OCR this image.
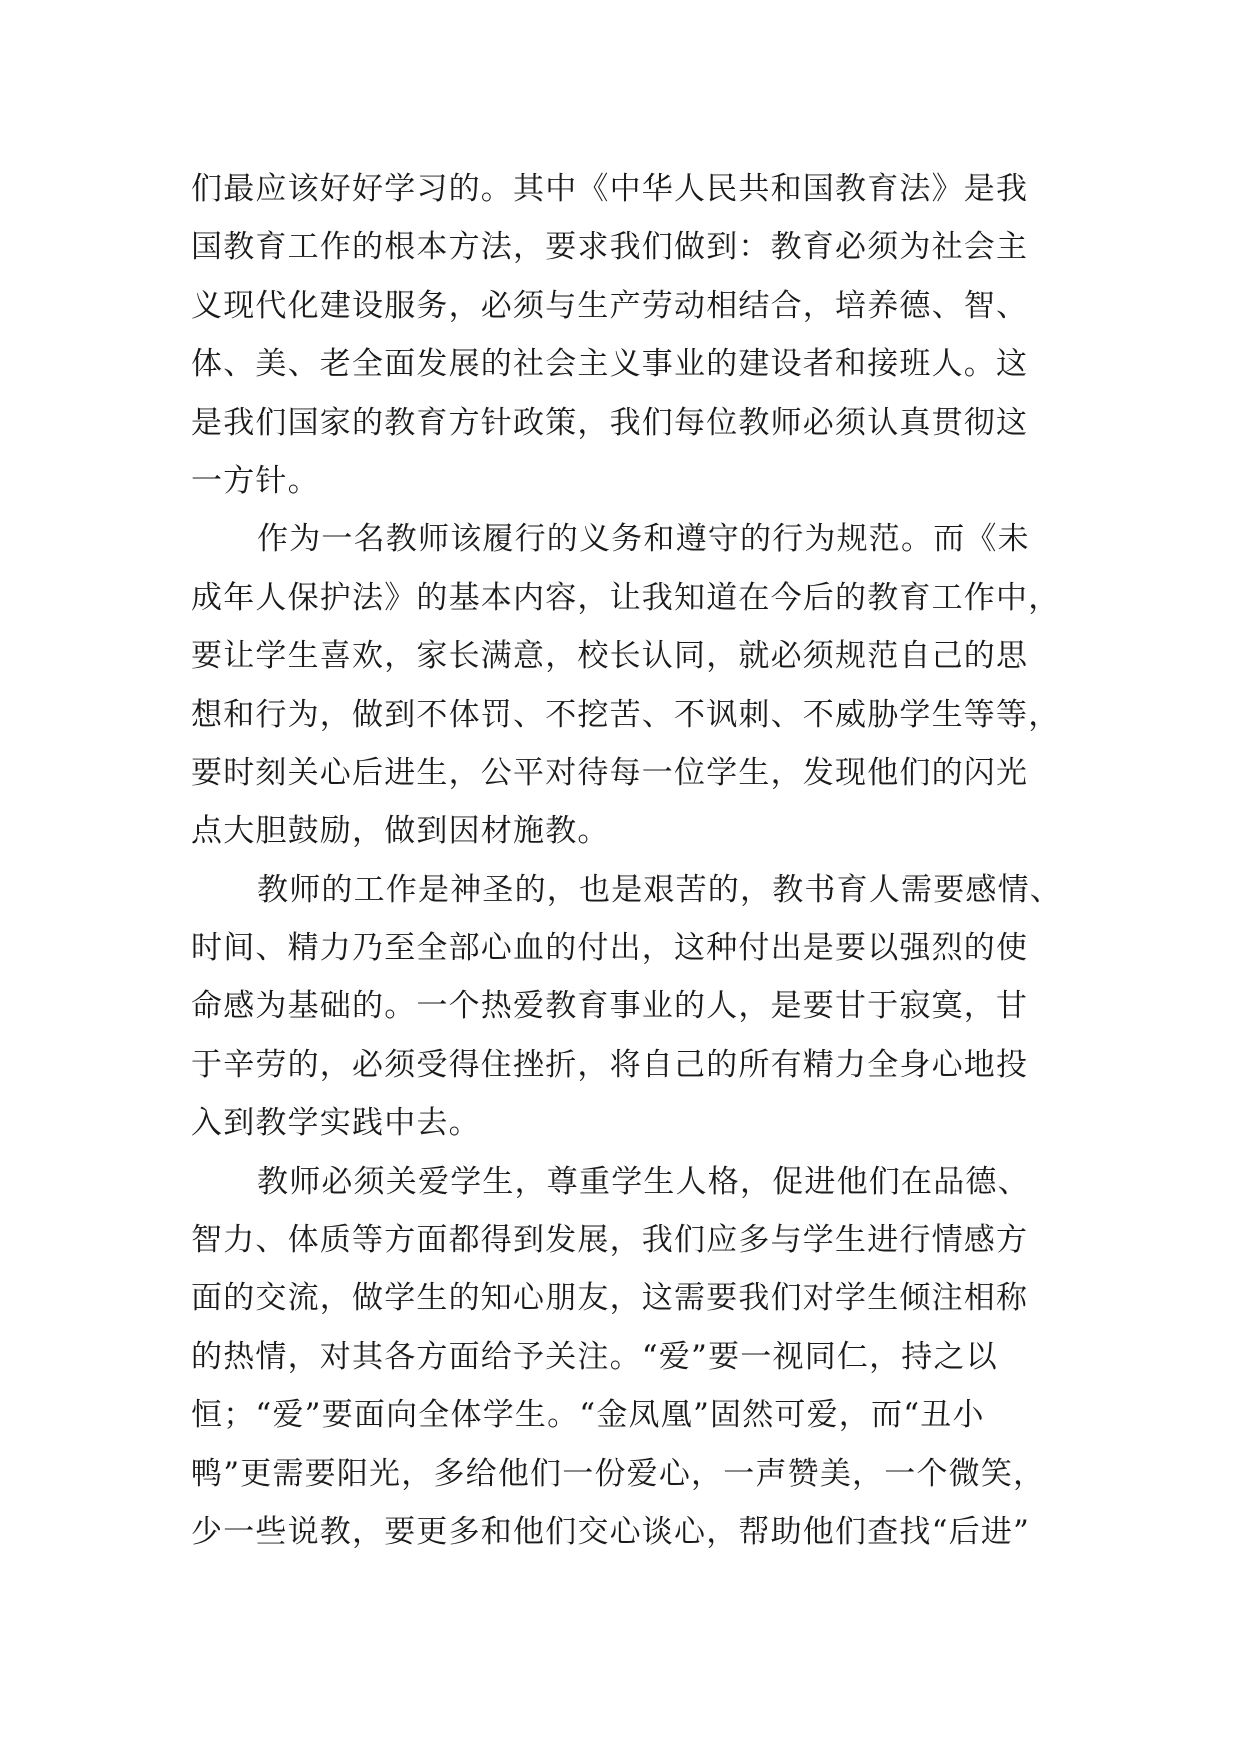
们最应该好好学习的。其中《中华人民共和国教育法》是我
国教育工作的根本方法，要求我们做到：教育必须为社会主
义现代化建设服务，必须与生产劳动相结合，培养德、智、
体、美、老全面发展的社会主义事业的建设者和接班人。这
是我们国家的教育方针政策，我们每位教师必须认真贯彻这
一方针。
作为一名教师该履行的义务和遵守的行为规范。而《未
成年人保护法》的基本内容，让我知道在今后的教育工作中，
要让学生喜欢，家长满意，校长认同，就必须规范自己的思
想和行为，做到不体罚、不挖苦、不讽刺、不威胁学生等等，
要时刻关心后进生，公平对待每一位学生，发现他们的闪光
点大胆鼓励，做到因材施教。
教师的工作是神圣的，也是艰苦的，教书育人需要感情、
时间、精力乃至全部心血的付出，这种付出是要以强烈的使
命感为基础的。一个热爱教育事业的人，是要甘于寂寞，甘
于辛劳的，必须受得住挫折，将自己的所有精力全身心地投
入到教学实践中去。
教师必须关爱学生，尊重学生人格，促进他们在品德、
智力、体质等方面都得到发展，我们应多与学生进行情感方
面的交流，做学生的知心朋友，这需要我们对学生倾注相称
的热情，对其各方面给予关注。“爱”要一视同仁，持之以
恒；“爱”要面向全体学生。“金凤凰”固然可爱，而“丑小
鸭”更需要阳光，多给他们一份爱心，一声赞美，一个微笑，
少一些说教，要更多和他们交心谈心，帮助他们查找“后进”
